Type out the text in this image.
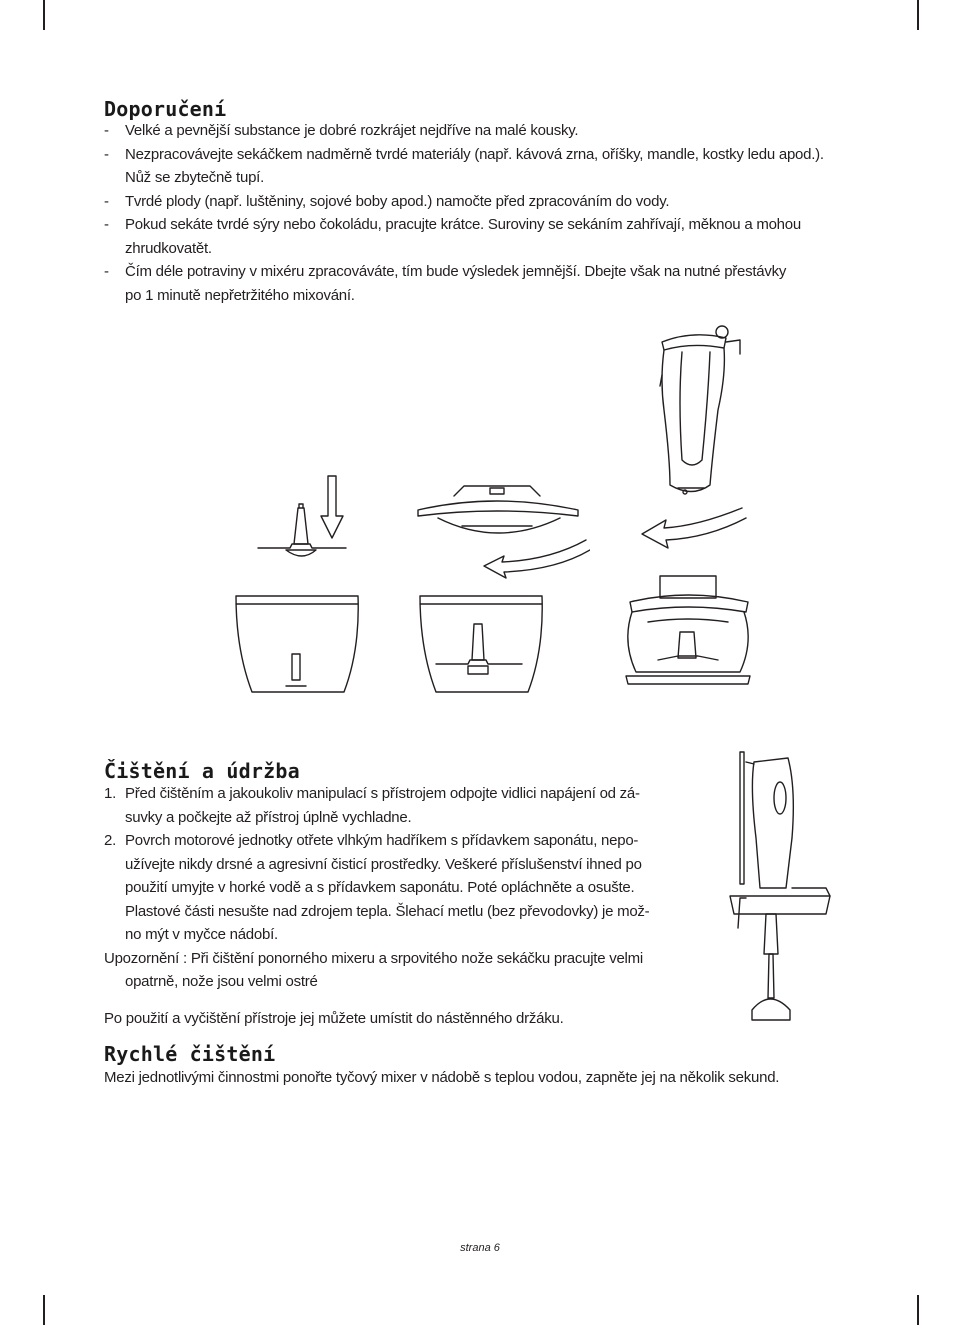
Doporučení
- Velké a pevnější substance je dobré rozkrájet nejdříve na malé kousky.
- Nezpracovávejte sekáčkem nadměrně tvrdé materiály (např. kávová zrna, oříšky, mandle, kostky ledu apod.).
Nůž se zbytečně tupí.
- Tvrdé plody (např. luštěniny, sojové boby apod.) namočte před zpracováním do vody.
- Pokud sekáte tvrdé sýry nebo čokoládu, pracujte krátce. Suroviny se sekáním zahřívají, měknou a mohou
zhrudkovatět.
- Čím déle potraviny v mixéru zpracováváte, tím bude výsledek jemnější. Dbejte však na nutné přestávky
po 1 minutě nepřetržitého mixování.
Čištění a údržba
1. Před čištěním a jakoukoliv manipulací s přístrojem odpojte vidlici napájení od zá-
suvky a počkejte až přístroj úplně vychladne.
2. Povrch motorové jednotky otřete vlhkým hadříkem s přídavkem saponátu, nepo-
užívejte nikdy drsné a agresivní čisticí prostředky. Veškeré příslušenství ihned po
použití umyjte v horké vodě a s přídavkem saponátu. Poté opláchněte a osušte.
Plastové části nesušte nad zdrojem tepla. Šlehací metlu (bez převodovky) je mož-
no mýt v myčce nádobí.
Upozornění : Při čištění ponorného mixeru a srpovitého nože sekáčku pracujte velmi
opatrně, nože jsou velmi ostré
Po použití a vyčištění přístroje jej můžete umístit do nástěnného držáku.
Rychlé čištění
Mezi jednotlivými činnostmi ponořte tyčový mixer v nádobě s teplou vodou, zapněte jej na několik sekund.
strana 6
